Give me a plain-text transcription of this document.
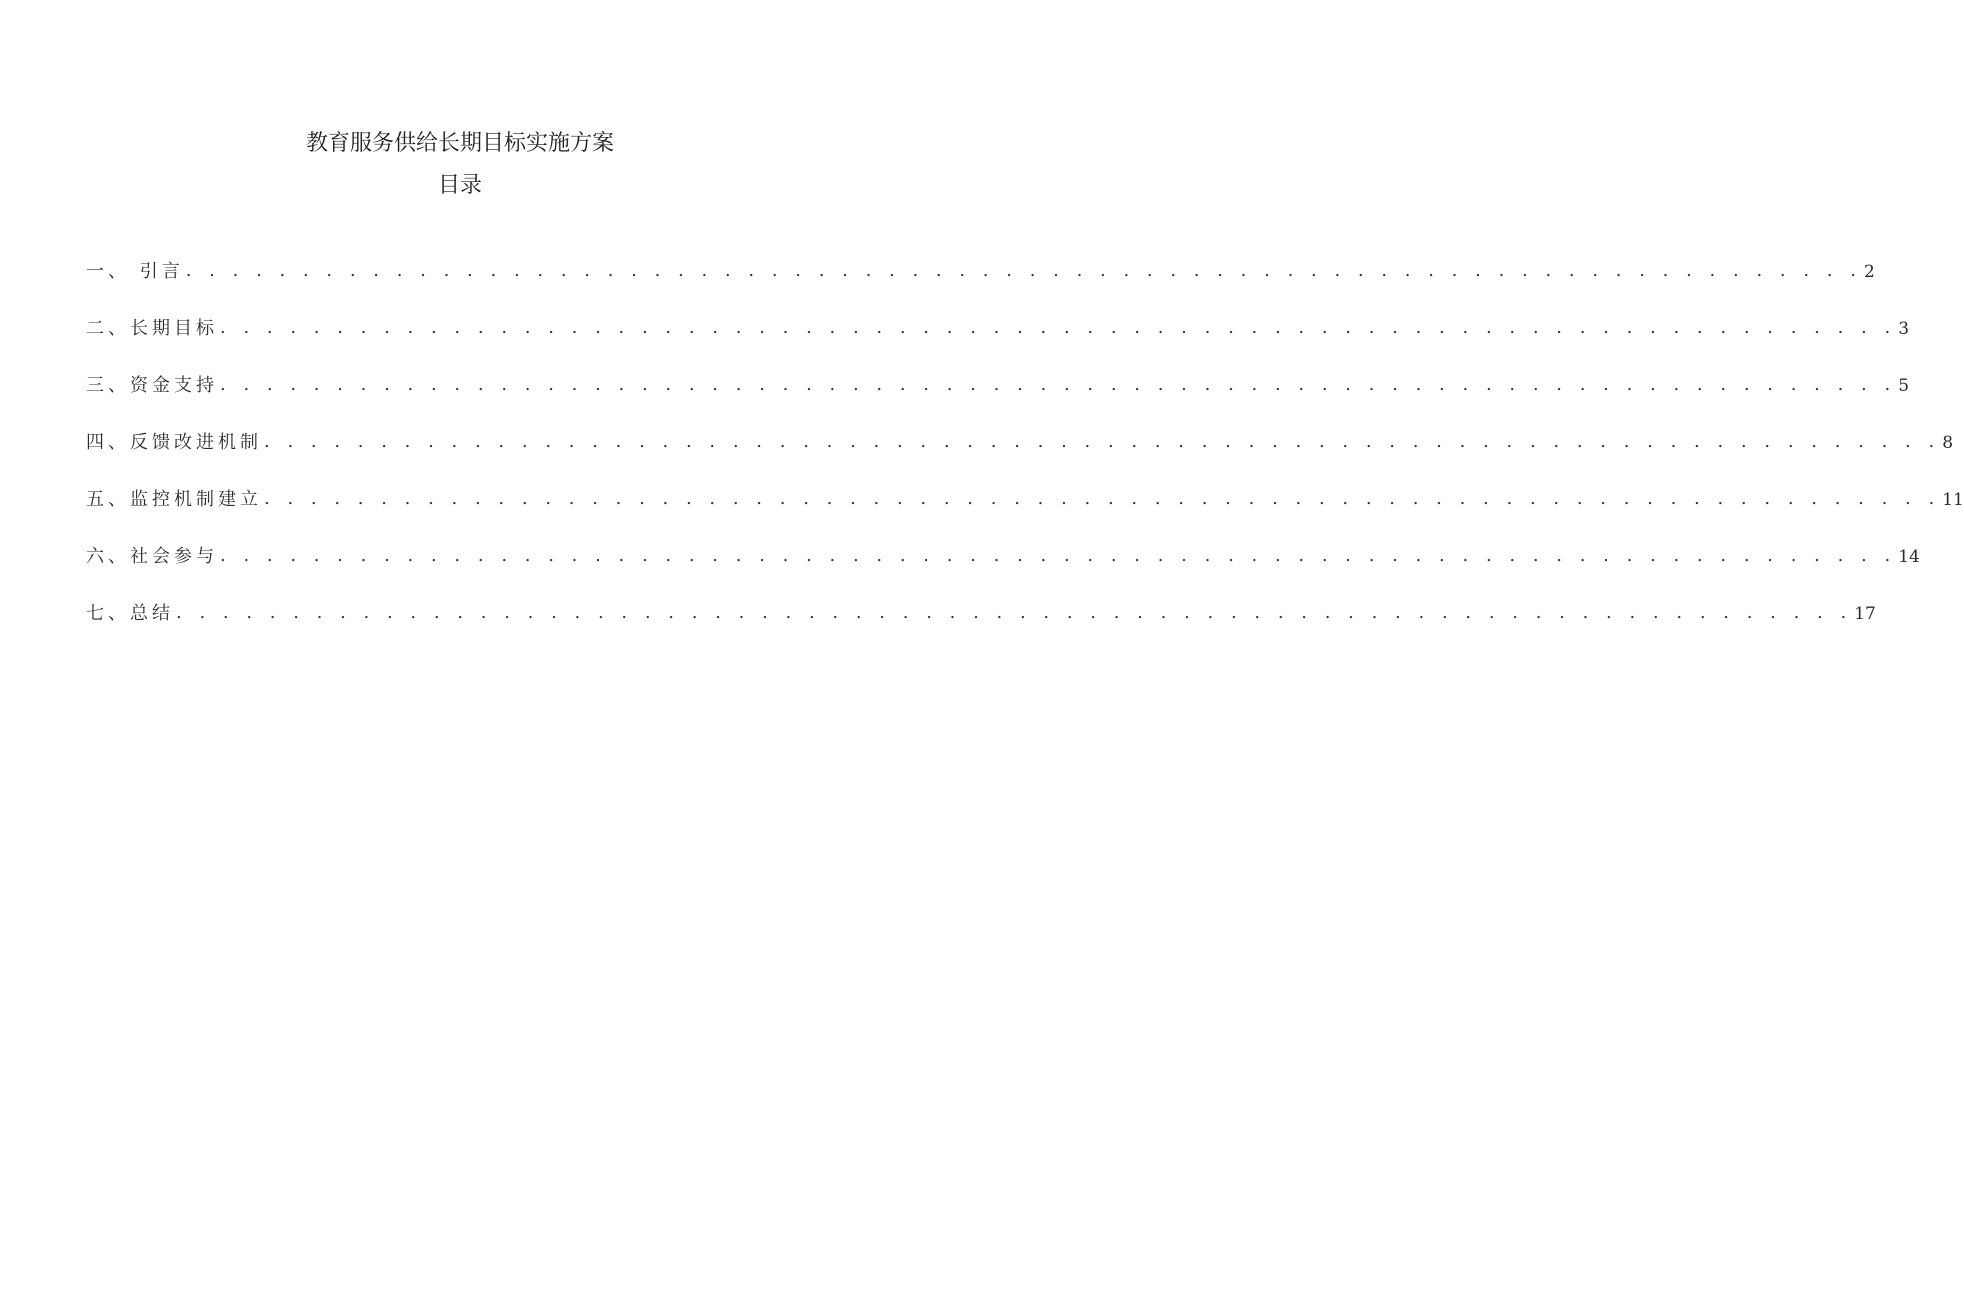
教育服务供给长期目标实施方案
目录
一、 引言 . . . . . . . . . . . . . . . . . . . . . . . . . . . . . . . . . . . . . . . . . . . . . . . . . . . . . . . . . . . . . . . . . . . . . . . . 2
二、长期目标 . . . . . . . . . . . . . . . . . . . . . . . . . . . . . . . . . . . . . . . . . . . . . . . . . . . . . . . . . . . . . . . . . . . . . . . . 3
三、资金支持 . . . . . . . . . . . . . . . . . . . . . . . . . . . . . . . . . . . . . . . . . . . . . . . . . . . . . . . . . . . . . . . . . . . . . . . . 5
四、反馈改进机制 . . . . . . . . . . . . . . . . . . . . . . . . . . . . . . . . . . . . . . . . . . . . . . . . . . . . . . . . . . . . . . . . . . . . . . . . 8
五、监控机制建立 . . . . . . . . . . . . . . . . . . . . . . . . . . . . . . . . . . . . . . . . . . . . . . . . . . . . . . . . . . . . . . . . . . . . . . . . 11
六、社会参与 . . . . . . . . . . . . . . . . . . . . . . . . . . . . . . . . . . . . . . . . . . . . . . . . . . . . . . . . . . . . . . . . . . . . . . . . 14
七、总结 . . . . . . . . . . . . . . . . . . . . . . . . . . . . . . . . . . . . . . . . . . . . . . . . . . . . . . . . . . . . . . . . . . . . . . . . 17
